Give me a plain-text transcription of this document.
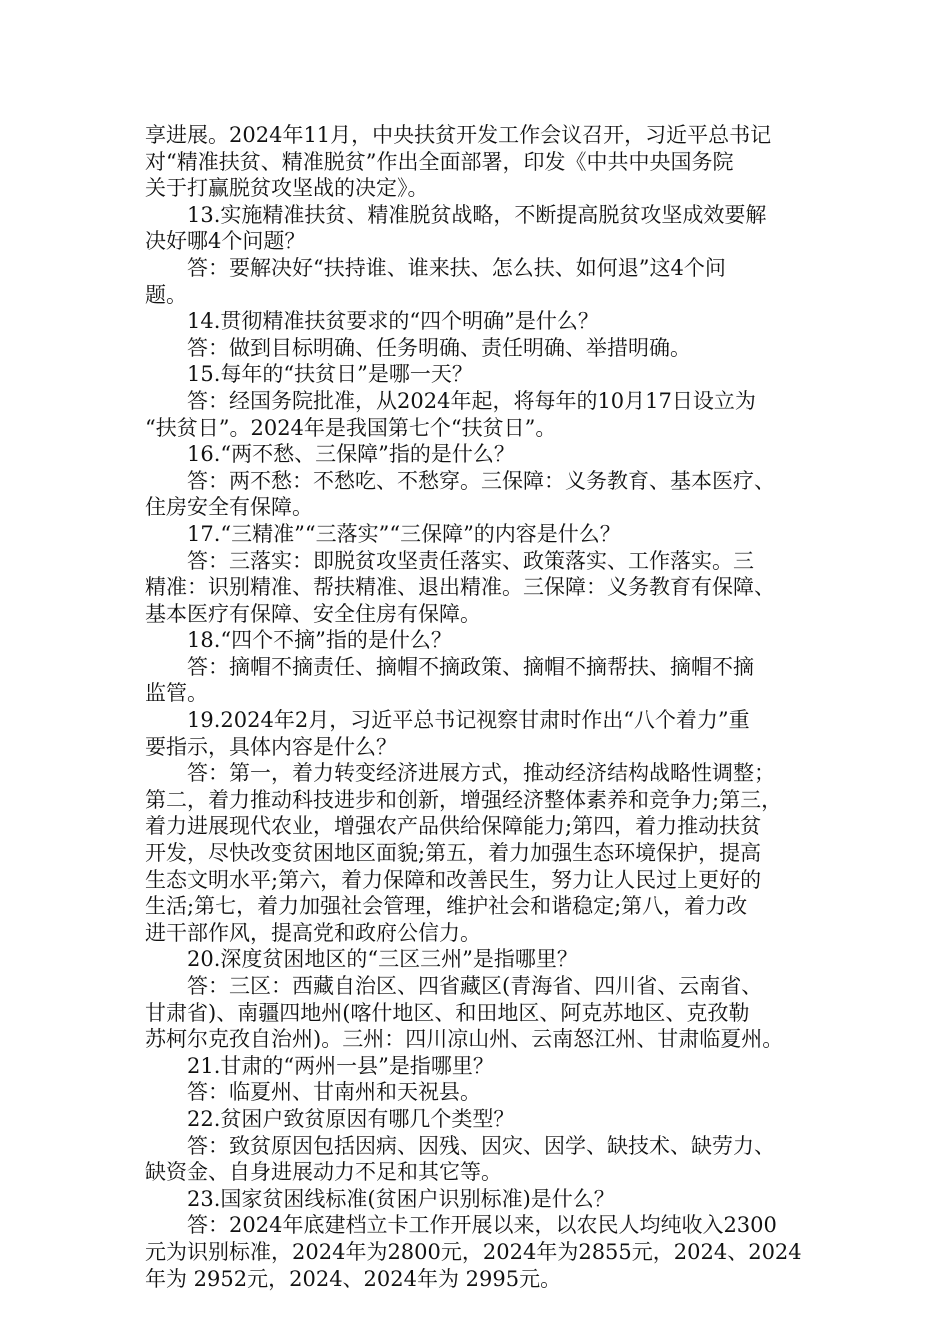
享进展。2024年11月，中央扶贫开发工作会议召开，习近平总书记
对“精准扶贫、精准脱贫”作出全面部署，印发《中共中央国务院
关于打赢脱贫攻坚战的决定》。
13.实施精准扶贫、精准脱贫战略，不断提高脱贫攻坚成效要解
决好哪4个问题？
答：要解决好“扶持谁、谁来扶、怎么扶、如何退”这4个问
题。
14.贯彻精准扶贫要求的“四个明确”是什么？
答：做到目标明确、任务明确、责任明确、举措明确。
15.每年的“扶贫日”是哪一天？
答：经国务院批准，从2024年起，将每年的10月17日设立为
“扶贫日”。2024年是我国第七个“扶贫日”。
16.“两不愁、三保障”指的是什么？
答：两不愁：不愁吃、不愁穿。三保障：义务教育、基本医疗、
住房安全有保障。
17.“三精准”“三落实”“三保障”的内容是什么？
答：三落实：即脱贫攻坚责任落实、政策落实、工作落实。三
精准：识别精准、帮扶精准、退出精准。三保障：义务教育有保障、
基本医疗有保障、安全住房有保障。
18.“四个不摘”指的是什么？
答：摘帽不摘责任、摘帽不摘政策、摘帽不摘帮扶、摘帽不摘
监管。
19.2024年2月，习近平总书记视察甘肃时作出“八个着力”重
要指示，具体内容是什么？
答：第一，着力转变经济进展方式，推动经济结构战略性调整；
第二，着力推动科技进步和创新，增强经济整体素养和竞争力;第三，
着力进展现代农业，增强农产品供给保障能力;第四，着力推动扶贫
开发，尽快改变贫困地区面貌;第五，着力加强生态环境保护，提高
生态文明水平;第六，着力保障和改善民生，努力让人民过上更好的
生活;第七，着力加强社会管理，维护社会和谐稳定;第八，着力改
进干部作风，提高党和政府公信力。
20.深度贫困地区的“三区三州”是指哪里？
答：三区：西藏自治区、四省藏区(青海省、四川省、云南省、
甘肃省)、南疆四地州(喀什地区、和田地区、阿克苏地区、克孜勒
苏柯尔克孜自治州)。三州：四川凉山州、云南怒江州、甘肃临夏州。
21.甘肃的“两州一县”是指哪里？
答：临夏州、甘南州和天祝县。
22.贫困户致贫原因有哪几个类型？
答：致贫原因包括因病、因残、因灾、因学、缺技术、缺劳力、
缺资金、自身进展动力不足和其它等。
23.国家贫困线标准(贫困户识别标准)是什么？
答：2024年底建档立卡工作开展以来，以农民人均纯收入2300
元为识别标准，2024年为2800元，2024年为2855元，2024、2024
年为 2952元，2024、2024年为 2995元。
